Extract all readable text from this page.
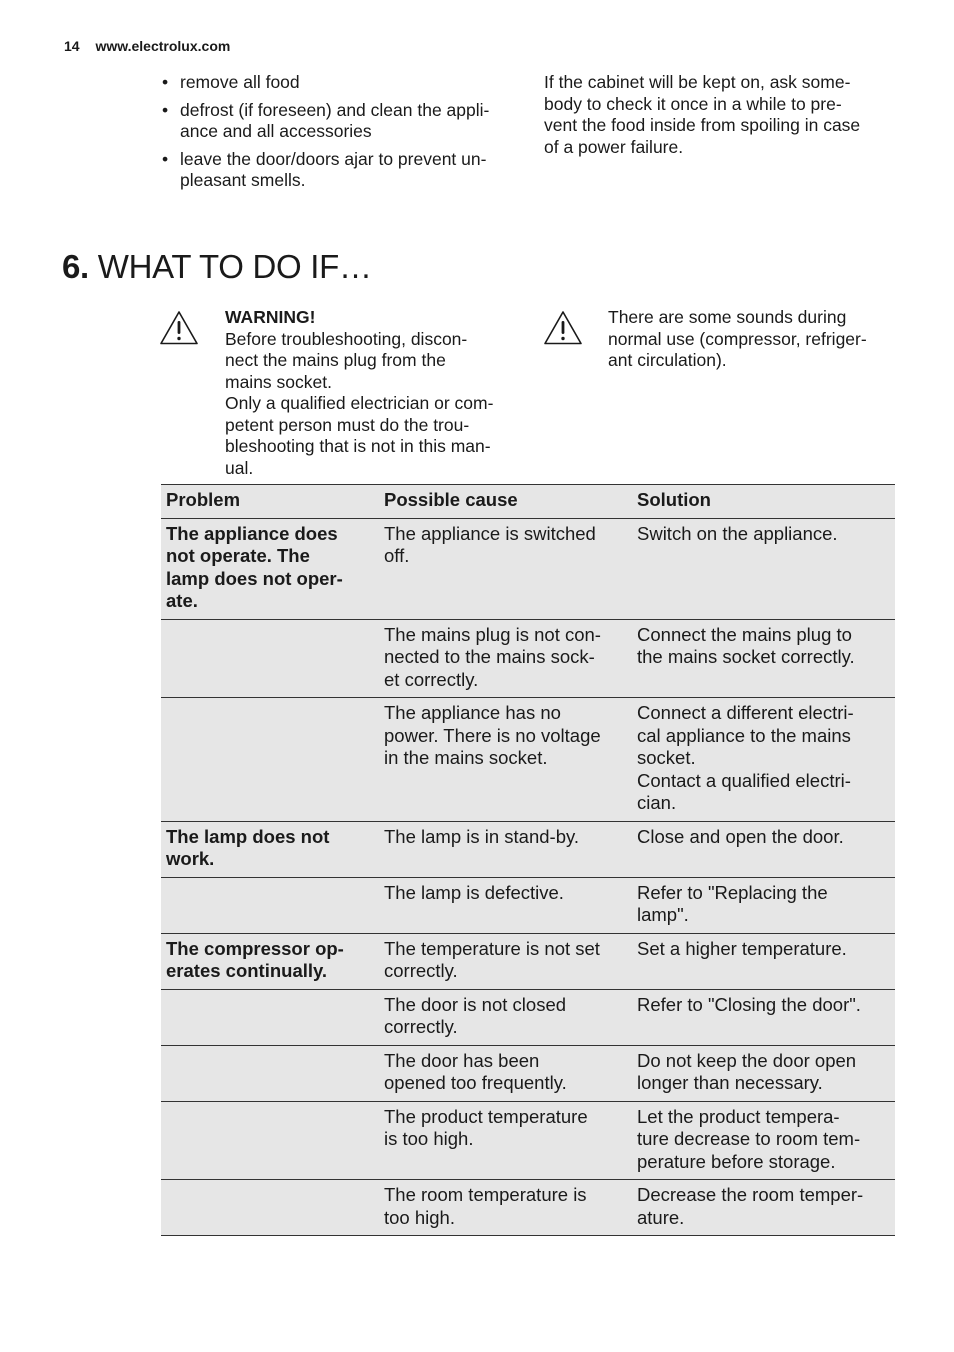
14 www.electrolux.com
• remove all food
• defrost (if foreseen) and clean the appli-
ance and all accessories
• leave the door/doors ajar to prevent un-
pleasant smells.

If the cabinet will be kept on, ask some-
body to check it once in a while to pre-
vent the food inside from spoiling in case
of a power failure.

6. WHAT TO DO IF…

WARNING!
Before troubleshooting, discon-
nect the mains plug from the
mains socket.
Only a qualified electrician or com-
petent person must do the trou-
bleshooting that is not in this man-
ual.

There are some sounds during
normal use (compressor, refriger-
ant circulation).

Problem	Possible cause	Solution
The appliance does
not operate. The
lamp does not oper-
ate.	The appliance is switched
off.	Switch on the appliance.
	The mains plug is not con-
nected to the mains sock-
et correctly.	Connect the mains plug to
the mains socket correctly.
	The appliance has no
power. There is no voltage
in the mains socket.	Connect a different electri-
cal appliance to the mains
socket.
Contact a qualified electri-
cian.
The lamp does not
work.	The lamp is in stand-by.	Close and open the door.
	The lamp is defective.	Refer to "Replacing the
lamp".
The compressor op-
erates continually.	The temperature is not set
correctly.	Set a higher temperature.
	The door is not closed
correctly.	Refer to "Closing the door".
	The door has been
opened too frequently.	Do not keep the door open
longer than necessary.
	The product temperature
is too high.	Let the product tempera-
ture decrease to room tem-
perature before storage.
	The room temperature is
too high.	Decrease the room temper-
ature.
